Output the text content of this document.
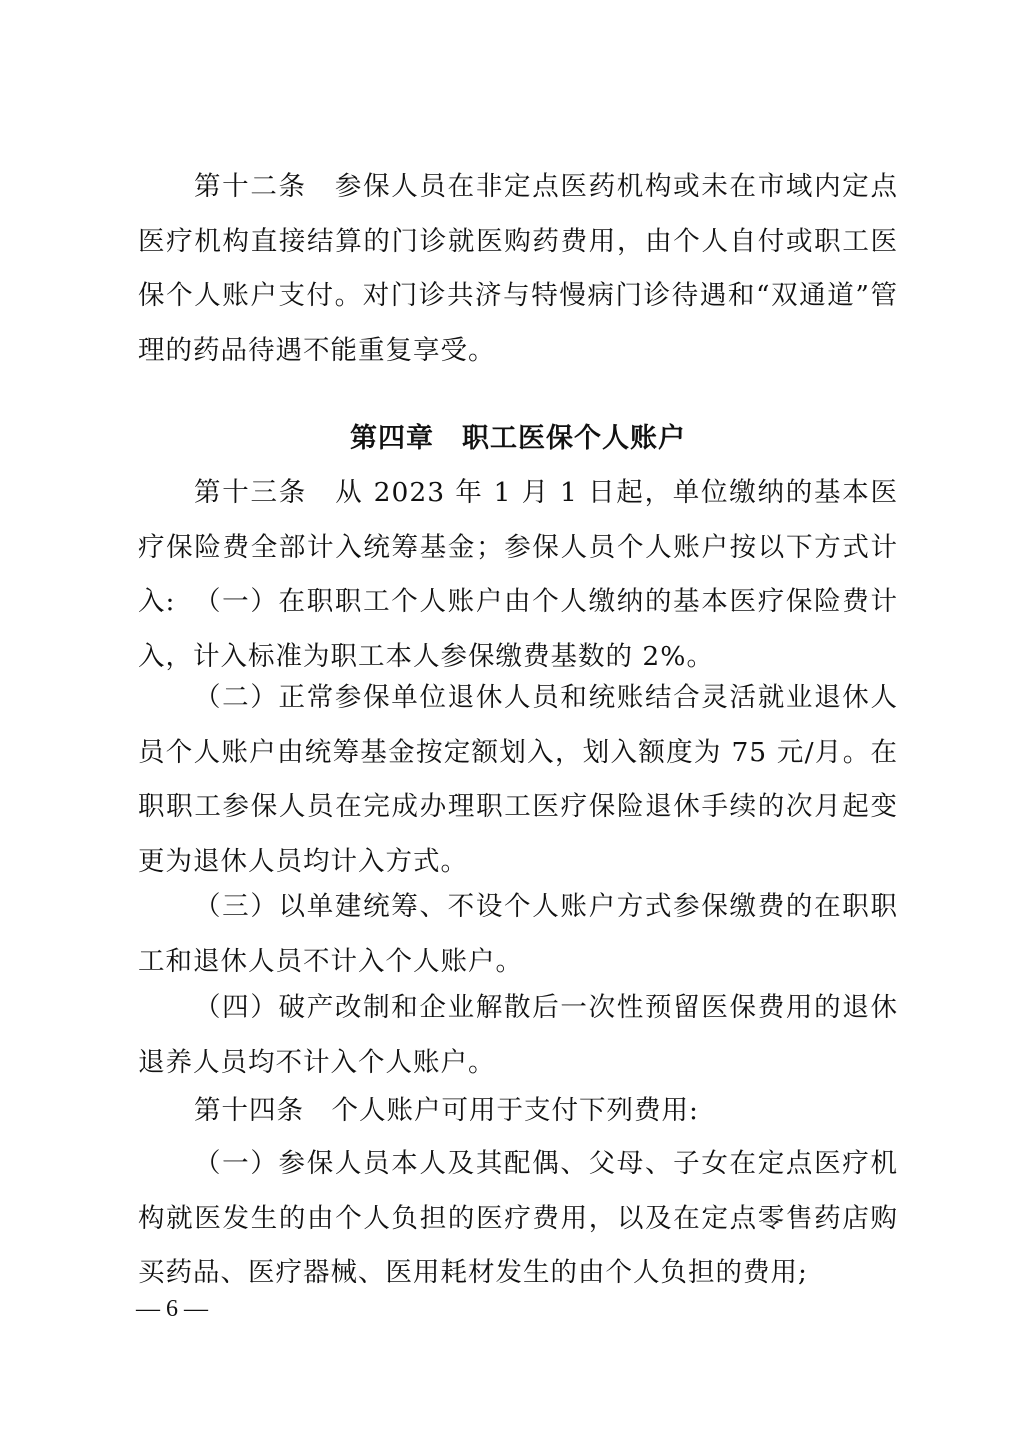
第十二条　参保人员在非定点医药机构或未在市域内定点医疗机构直接结算的门诊就医购药费用，由个人自付或职工医保个人账户支付。对门诊共济与特慢病门诊待遇和“双通道”管理的药品待遇不能重复享受。

第四章　职工医保个人账户

第十三条　从 2023 年 1 月 1 日起，单位缴纳的基本医疗保险费全部计入统筹基金；参保人员个人账户按以下方式计入: （一）在职职工个人账户由个人缴纳的基本医疗保险费计入，计入标准为职工本人参保缴费基数的 2%。

（二）正常参保单位退休人员和统账结合灵活就业退休人员个人账户由统筹基金按定额划入，划入额度为 75 元/月。在职职工参保人员在完成办理职工医疗保险退休手续的次月起变更为退休人员均计入方式。

（三）以单建统筹、不设个人账户方式参保缴费的在职职工和退休人员不计入个人账户。

（四）破产改制和企业解散后一次性预留医保费用的退休退养人员均不计入个人账户。

第十四条　个人账户可用于支付下列费用:

（一）参保人员本人及其配偶、父母、子女在定点医疗机构就医发生的由个人负担的医疗费用，以及在定点零售药店购买药品、医疗器械、医用耗材发生的由个人负担的费用;

— 6 —
